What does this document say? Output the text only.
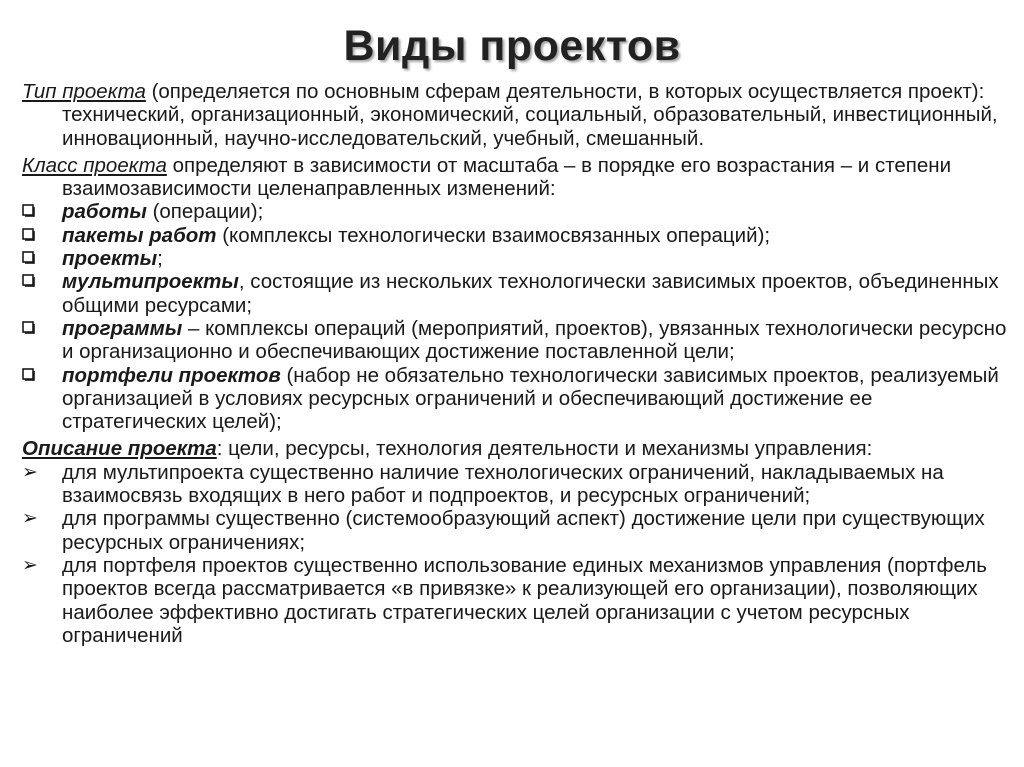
Виды проектов

Тип проекта (определяется по основным сферам деятельности, в которых осуществляется проект): технический, организационный, экономический, социальный, образовательный, инвестиционный, инновационный, научно-исследовательский, учебный, смешанный.

Класс проекта определяют в зависимости от масштаба – в порядке его возрастания – и степени взаимозависимости целенаправленных изменений:

работы (операции);

пакеты работ (комплексы технологически взаимосвязанных операций);

проекты;

мультипроекты, состоящие из нескольких технологически зависимых проектов, объединенных общими ресурсами;

программы – комплексы операций (мероприятий, проектов), увязанных технологически ресурсно и организационно и обеспечивающих достижение поставленной цели;

портфели проектов (набор не обязательно технологически зависимых проектов, реализуемый организацией в условиях ресурсных ограничений и обеспечивающий достижение ее стратегических целей);

Описание проекта: цели, ресурсы, технология деятельности и механизмы управления:

➢ для мультипроекта существенно наличие технологических ограничений, накладываемых на взаимосвязь входящих в него работ и подпроектов, и ресурсных ограничений;

➢ для программы существенно (системообразующий аспект) достижение цели при существующих ресурсных ограничениях;

➢ для портфеля проектов существенно использование единых механизмов управления (портфель проектов всегда рассматривается «в привязке» к реализующей его организации), позволяющих наиболее эффективно достигать стратегических целей организации с учетом ресурсных ограничений
